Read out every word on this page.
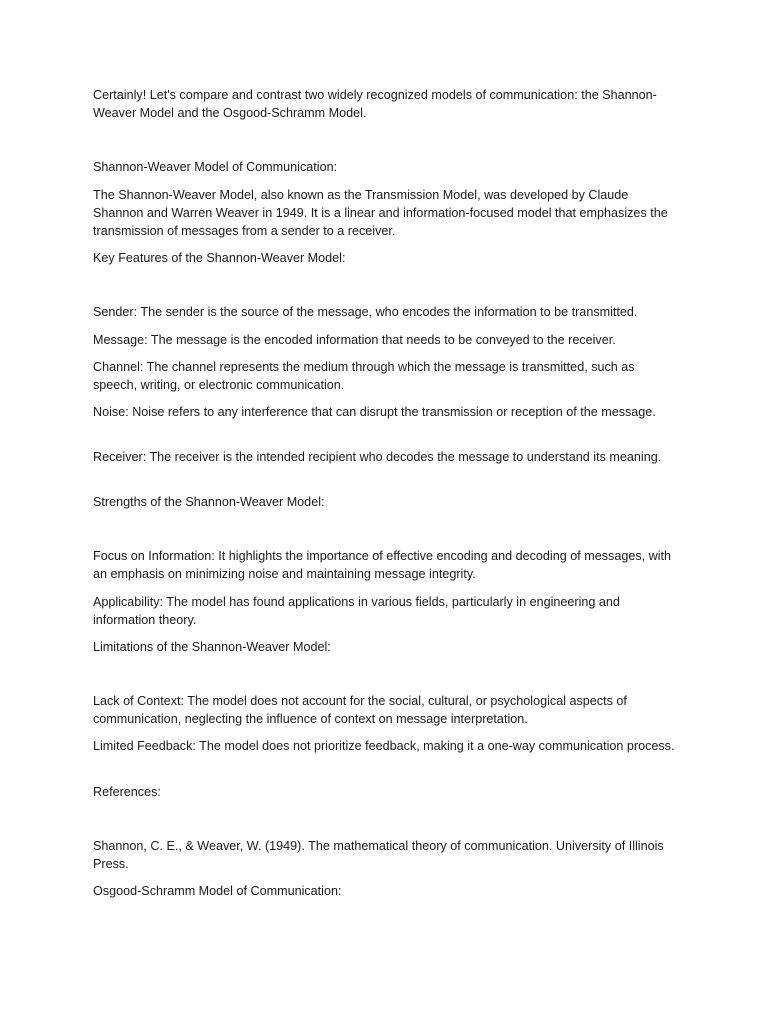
Certainly! Let's compare and contrast two widely recognized models of communication: the Shannon-Weaver Model and the Osgood-Schramm Model.

Shannon-Weaver Model of Communication:

The Shannon-Weaver Model, also known as the Transmission Model, was developed by Claude Shannon and Warren Weaver in 1949. It is a linear and information-focused model that emphasizes the transmission of messages from a sender to a receiver.

Key Features of the Shannon-Weaver Model:

Sender: The sender is the source of the message, who encodes the information to be transmitted.

Message: The message is the encoded information that needs to be conveyed to the receiver.

Channel: The channel represents the medium through which the message is transmitted, such as speech, writing, or electronic communication.

Noise: Noise refers to any interference that can disrupt the transmission or reception of the message.

Receiver: The receiver is the intended recipient who decodes the message to understand its meaning.

Strengths of the Shannon-Weaver Model:

Focus on Information: It highlights the importance of effective encoding and decoding of messages, with an emphasis on minimizing noise and maintaining message integrity.

Applicability: The model has found applications in various fields, particularly in engineering and information theory.

Limitations of the Shannon-Weaver Model:

Lack of Context: The model does not account for the social, cultural, or psychological aspects of communication, neglecting the influence of context on message interpretation.

Limited Feedback: The model does not prioritize feedback, making it a one-way communication process.

References:

Shannon, C. E., & Weaver, W. (1949). The mathematical theory of communication. University of Illinois Press.

Osgood-Schramm Model of Communication:
